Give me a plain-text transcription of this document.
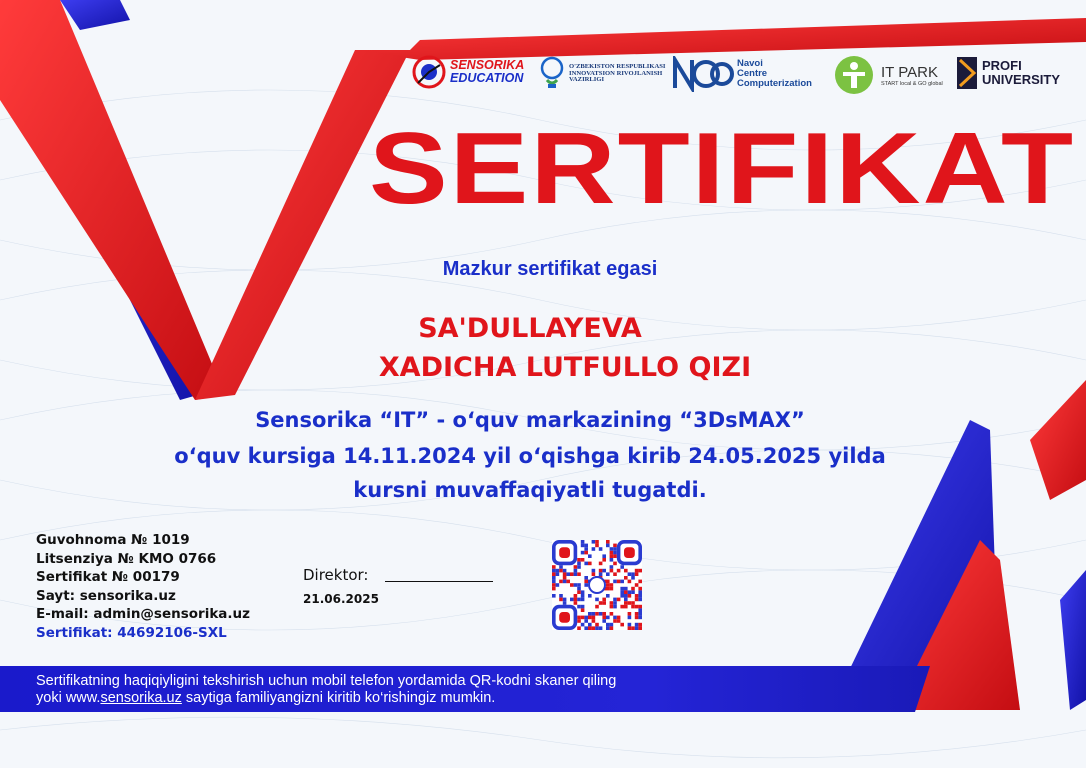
SENSORIKA
EDUCATION
O'ZBEKISTON RESPUBLIKASI
INNOVATSION RIVOJLANISH
VAZIRLIGI
Navoi
Centre
Computerization
IT PARK
START local & GO global
PROFI
UNIVERSITY
SERTIFIKAT
Mazkur sertifikat egasi
SA'DULLAYEVA
XADICHA LUTFULLO QIZI
Sensorika “IT” - o‘quv markazining “3DsMAX”
o‘quv kursiga 14.11.2024 yil o‘qishga kirib 24.05.2025 yilda
kursni muvaffaqiyatli tugatdi.
Guvohnoma № 1019
Litsenziya № KMO 0766
Sertifikat № 00179
Sayt: sensorika.uz
E-mail: admin@sensorika.uz
Sertifikat: 44692106-SXL
Direktor:
21.06.2025
Sertifikatning haqiqiyligini tekshirish uchun mobil telefon yordamida QR-kodni skaner qiling
yoki www.sensorika.uz saytiga familiyangizni kiritib ko‘rishingiz mumkin.
